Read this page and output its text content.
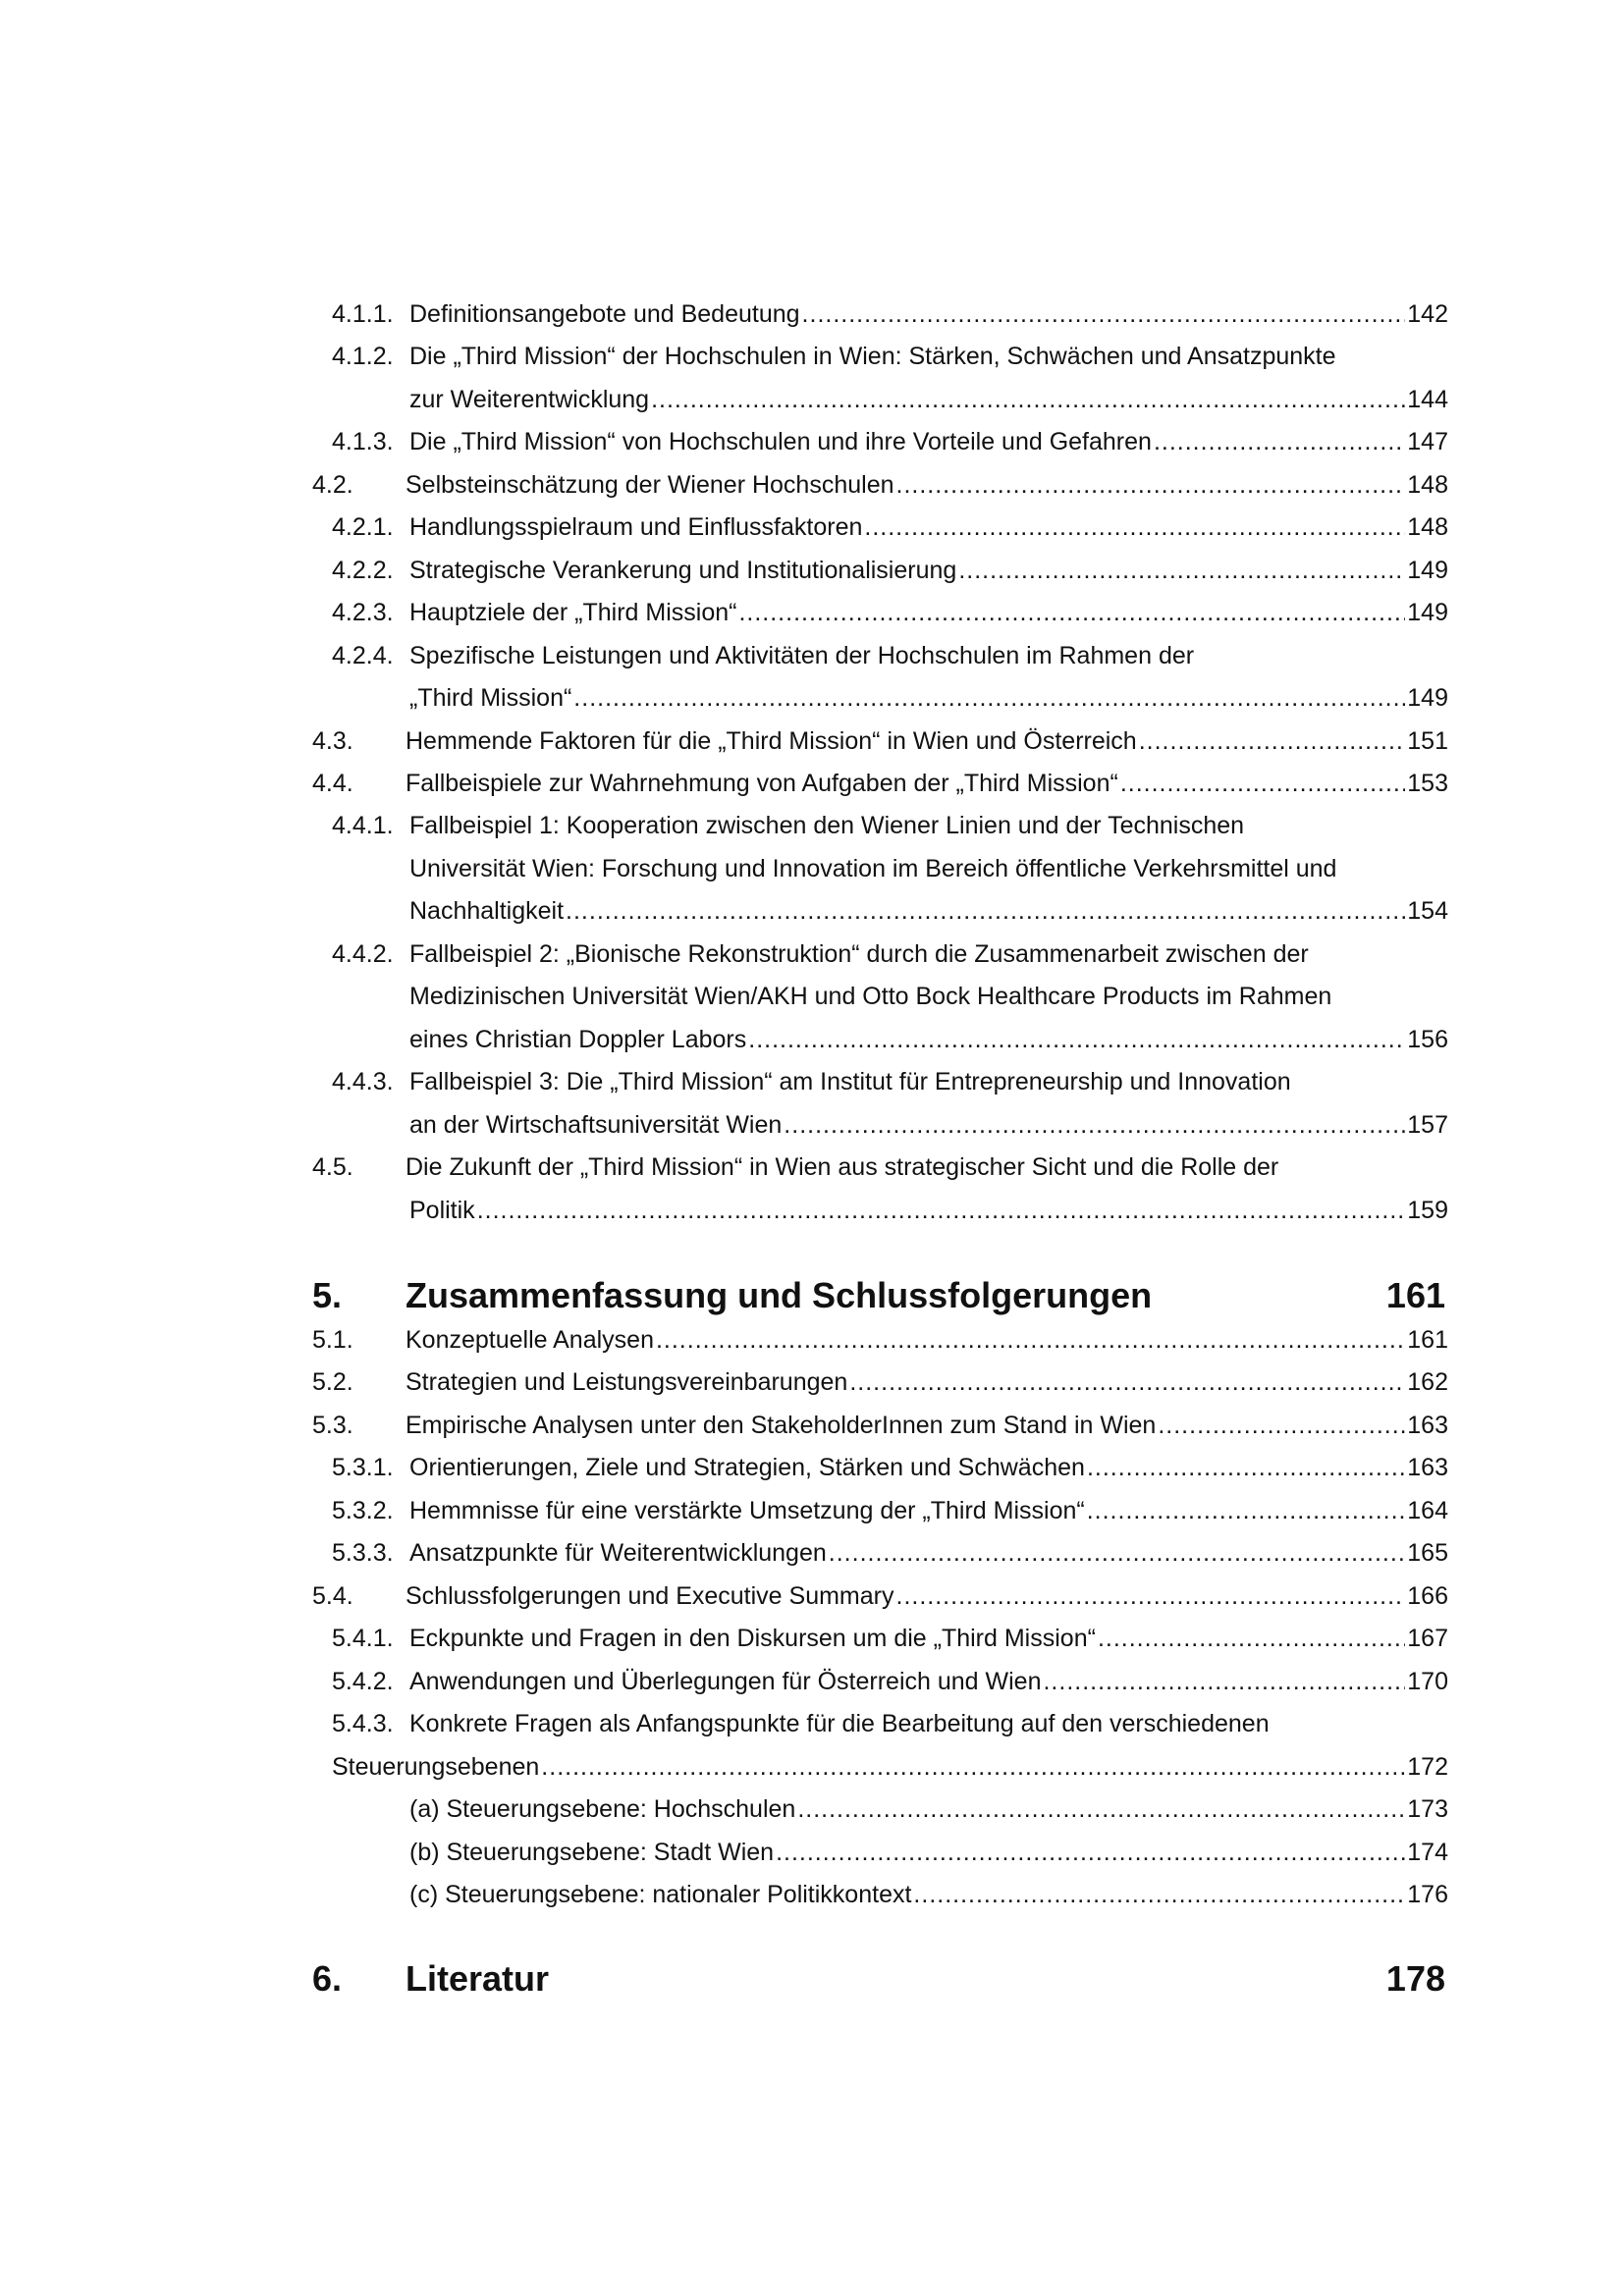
4.1.1. Definitionsangebote und Bedeutung .....	142
4.1.2. Die „Third Mission“ der Hochschulen in Wien: Stärken, Schwächen und Ansatzpunkte
zur Weiterentwicklung .....	144
4.1.3. Die „Third Mission“ von Hochschulen und ihre Vorteile und Gefahren .....	147
4.2. Selbsteinschätzung der Wiener Hochschulen .....	148
4.2.1. Handlungsspielraum und Einflussfaktoren .....	148
4.2.2. Strategische Verankerung und Institutionalisierung .....	149
4.2.3. Hauptziele der „Third Mission“ .....	149
4.2.4. Spezifische Leistungen und Aktivitäten der Hochschulen im Rahmen der
„Third Mission“ .....	149
4.3. Hemmende Faktoren für die „Third Mission“ in Wien und Österreich .....	151
4.4. Fallbeispiele zur Wahrnehmung von Aufgaben der „Third Mission“ .....	153
4.4.1. Fallbeispiel 1: Kooperation zwischen den Wiener Linien und der Technischen
Universität Wien: Forschung und Innovation im Bereich öffentliche Verkehrsmittel und
Nachhaltigkeit .....	154
4.4.2. Fallbeispiel 2: „Bionische Rekonstruktion“ durch die Zusammenarbeit zwischen der
Medizinischen Universität Wien/AKH und Otto Bock Healthcare Products im Rahmen
eines Christian Doppler Labors .....	156
4.4.3. Fallbeispiel 3: Die „Third Mission“ am Institut für Entrepreneurship und Innovation
an der Wirtschaftsuniversität Wien .....	157
4.5. Die Zukunft der „Third Mission“ in Wien aus strategischer Sicht und die Rolle der
Politik .....	159
5. Zusammenfassung und Schlussfolgerungen	161
5.1. Konzeptuelle Analysen .....	161
5.2. Strategien und Leistungsvereinbarungen .....	162
5.3. Empirische Analysen unter den StakeholderInnen zum Stand in Wien .....	163
5.3.1. Orientierungen, Ziele und Strategien, Stärken und Schwächen .....	163
5.3.2. Hemmnisse für eine verstärkte Umsetzung der „Third Mission“ .....	164
5.3.3. Ansatzpunkte für Weiterentwicklungen .....	165
5.4. Schlussfolgerungen und Executive Summary .....	166
5.4.1. Eckpunkte und Fragen in den Diskursen um die „Third Mission“ .....	167
5.4.2. Anwendungen und Überlegungen für Österreich und Wien .....	170
5.4.3. Konkrete Fragen als Anfangspunkte für die Bearbeitung auf den verschiedenen
Steuerungsebenen .....	172
(a) Steuerungsebene: Hochschulen .....	173
(b) Steuerungsebene: Stadt Wien .....	174
(c) Steuerungsebene: nationaler Politikkontext .....	176
6. Literatur	178
